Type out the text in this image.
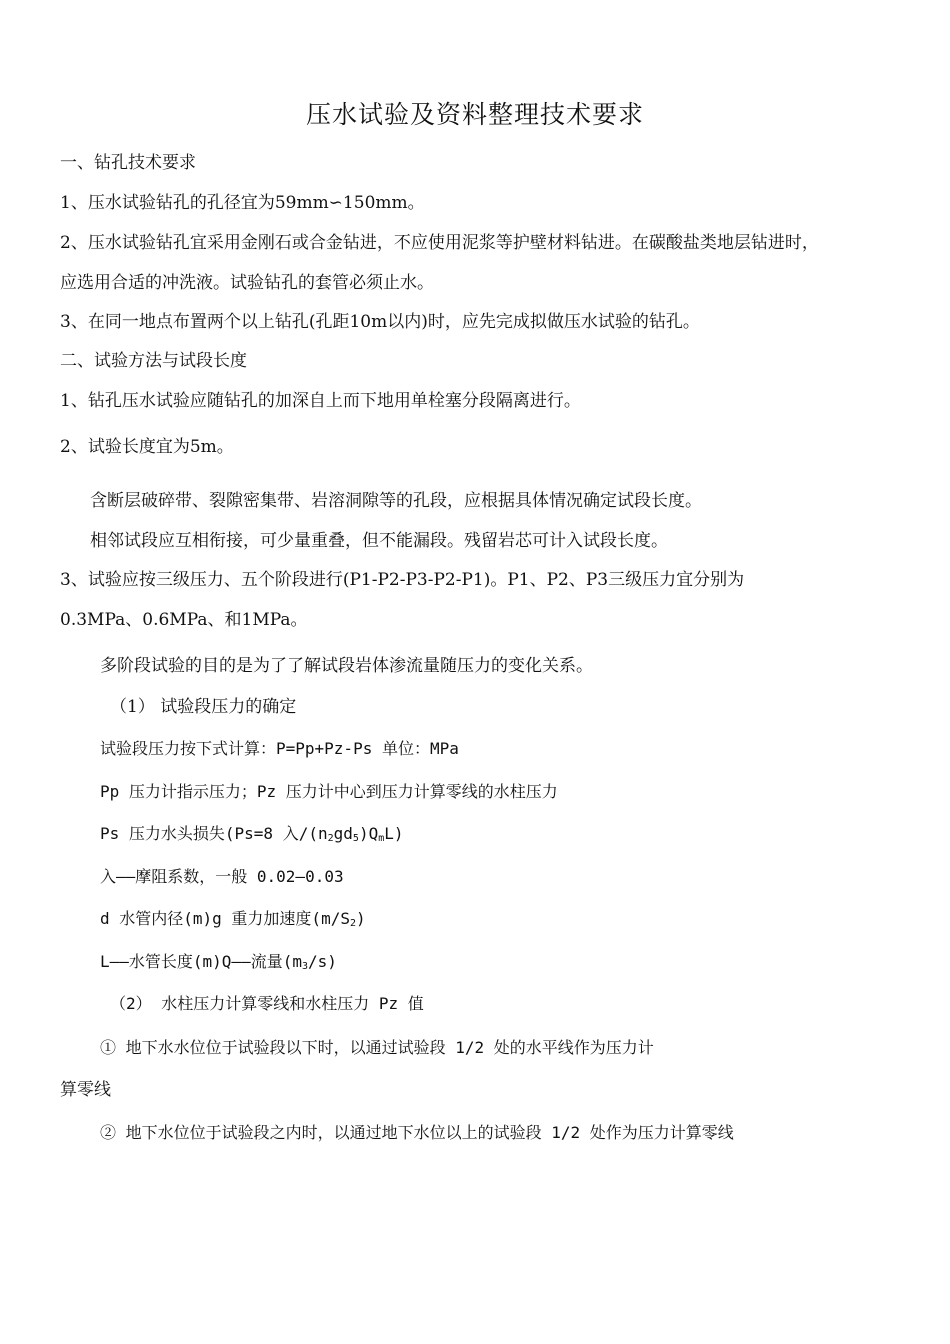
压水试验及资料整理技术要求
一、钻孔技术要求
1、压水试验钻孔的孔径宜为59mm∽150mm。
2、压水试验钻孔宜采用金刚石或合金钻进，不应使用泥浆等护壁材料钻进。在碳酸盐类地层钻进时，
应选用合适的冲洗液。试验钻孔的套管必须止水。
3、在同一地点布置两个以上钻孔(孔距10m以内)时，应先完成拟做压水试验的钻孔。
二、试验方法与试段长度
1、钻孔压水试验应随钻孔的加深自上而下地用单栓塞分段隔离进行。
2、试验长度宜为5m。
含断层破碎带、裂隙密集带、岩溶洞隙等的孔段，应根据具体情况确定试段长度。
相邻试段应互相衔接，可少量重叠，但不能漏段。残留岩芯可计入试段长度。
3、试验应按三级压力、五个阶段进行(P1-P2-P3-P2-P1)。P1、P2、P3三级压力宜分别为
0.3MPa、0.6MPa、和1MPa。
多阶段试验的目的是为了了解试段岩体渗流量随压力的变化关系。
（1） 试验段压力的确定
试验段压力按下式计算：P=Pp+Pz-Ps 单位：MPa
Pp 压力计指示压力；Pz 压力计中心到压力计算零线的水柱压力
Ps 压力水头损失(Ps=8 入$/(n_2gd_5)Q_mL$)
入——摩阻系数，一般 0.02—0.03
d 水管内径(m)g 重力加速度$(m/S_2)$
L——水管长度(m)Q——流量$(m_3/s)$
（2） 水柱压力计算零线和水柱压力 Pz 值
① 地下水水位位于试验段以下时，以通过试验段 1/2 处的水平线作为压力计
算零线
② 地下水位位于试验段之内时，以通过地下水位以上的试验段 1/2 处作为压力计算零线
